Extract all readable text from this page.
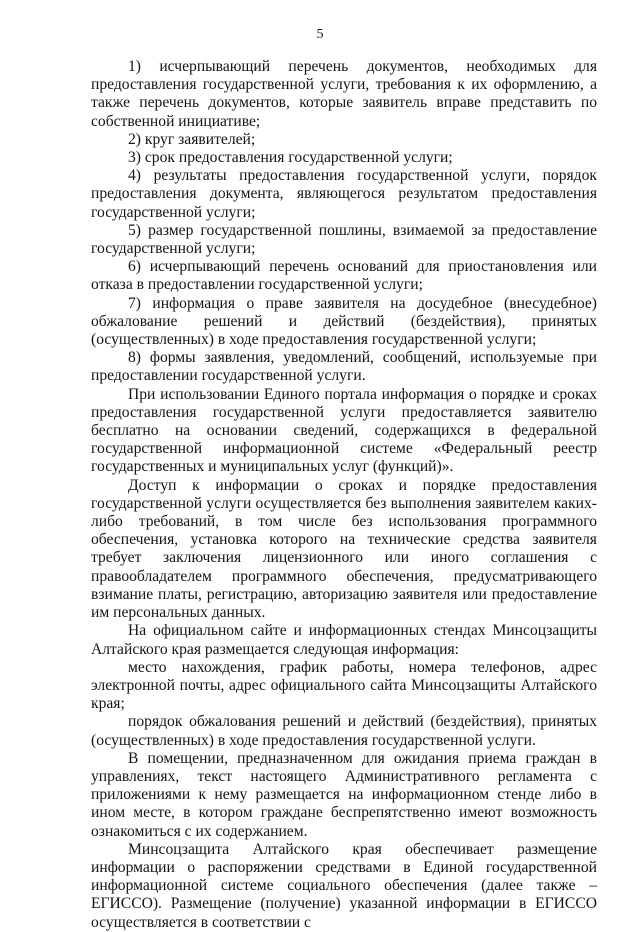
5

1) исчерпывающий перечень документов, необходимых для предоставления государственной услуги, требования к их оформлению, а также перечень документов, которые заявитель вправе представить по собственной инициативе;

2) круг заявителей;

3) срок предоставления государственной услуги;

4) результаты предоставления государственной услуги, порядок предоставления документа, являющегося результатом предоставления государственной услуги;

5) размер государственной пошлины, взимаемой за предоставление государственной услуги;

6) исчерпывающий перечень оснований для приостановления или отказа в предоставлении государственной услуги;

7) информация о праве заявителя на досудебное (внесудебное) обжалование решений и действий (бездействия), принятых (осуществленных) в ходе предоставления государственной услуги;

8) формы заявления, уведомлений, сообщений, используемые при предоставлении государственной услуги.

При использовании Единого портала информация о порядке и сроках предоставления государственной услуги предоставляется заявителю бесплатно на основании сведений, содержащихся в федеральной государственной информационной системе «Федеральный реестр государственных и муниципальных услуг (функций)».

Доступ к информации о сроках и порядке предоставления государственной услуги осуществляется без выполнения заявителем каких-либо требований, в том числе без использования программного обеспечения, установка которого на технические средства заявителя требует заключения лицензионного или иного соглашения с правообладателем программного обеспечения, предусматривающего взимание платы, регистрацию, авторизацию заявителя или предоставление им персональных данных.

На официальном сайте и информационных стендах Минсоцзащиты Алтайского края размещается следующая информация:

место нахождения, график работы, номера телефонов, адрес электронной почты, адрес официального сайта Минсоцзащиты Алтайского края;

порядок обжалования решений и действий (бездействия), принятых (осуществленных) в ходе предоставления государственной услуги.

В помещении, предназначенном для ожидания приема граждан в управлениях, текст настоящего Административного регламента с приложениями к нему размещается на информационном стенде либо в ином месте, в котором граждане беспрепятственно имеют возможность ознакомиться с их содержанием.

Минсоцзащита Алтайского края обеспечивает размещение информации о распоряжении средствами в Единой государственной информационной системе социального обеспечения (далее также – ЕГИССО). Размещение (получение) указанной информации в ЕГИССО осуществляется в соответствии с
